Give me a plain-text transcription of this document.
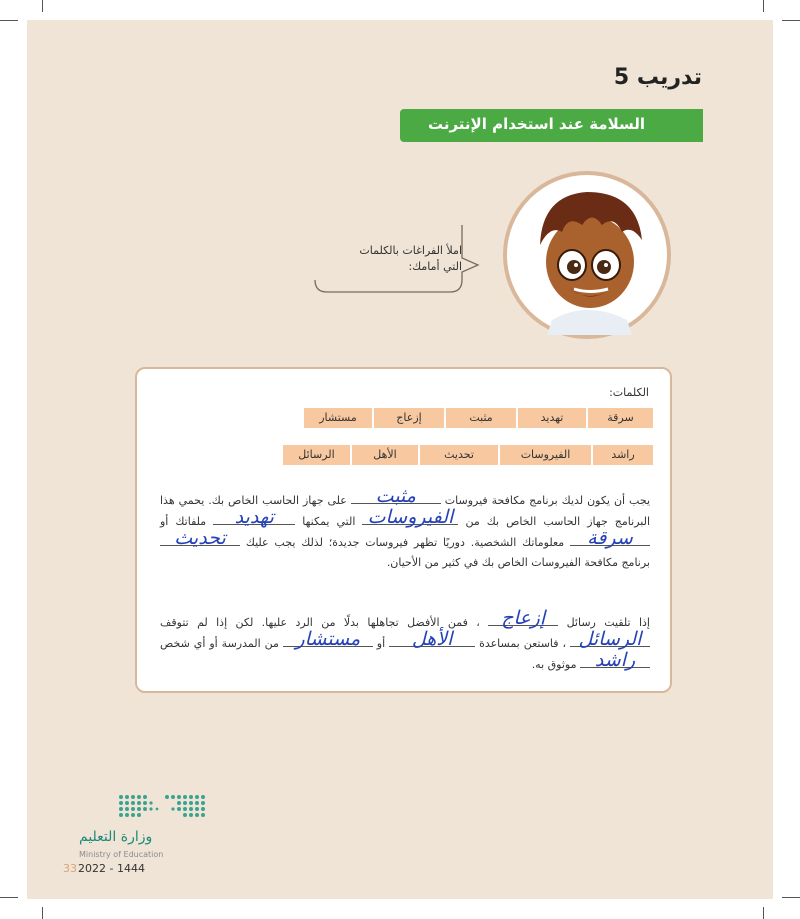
تدريب 5
السلامة عند استخدام الإنترنت
املأ الفراغات بالكلمات
التي أمامك:
الكلمات:
سرقة
تهديد
مثبت
إزعاج
مستشار
راشد
الفيروسات
تحديث
الأهل
الرسائل
يجب أن يكون لديك برنامج مكافحة فيروسات
مثبت
على جهاز الحاسب الخاص بك. يحمي هذا البرنامج جهاز الحاسب الخاص بك من
الفيروسات
التي يمكنها
تهديد
ملفاتك أو
سرقة
معلوماتك الشخصية. دوريًا تظهر فيروسات جديدة؛ لذلك يجب عليك
تحديث
برنامج مكافحة الفيروسات الخاص بك في كثير من الأحيان.
إذا تلقيت رسائل
إزعاج
، فمن الأفضل تجاهلها بدلًا من الرد عليها. لكن إذا لم تتوقف
الرسائل
، فاستعن بمساعدة
الأهل
أو
مستشار
من المدرسة أو أي شخص
راشد
موثوق به.
وزارة التعليم
Ministry of Education
33 2022 - 1444
